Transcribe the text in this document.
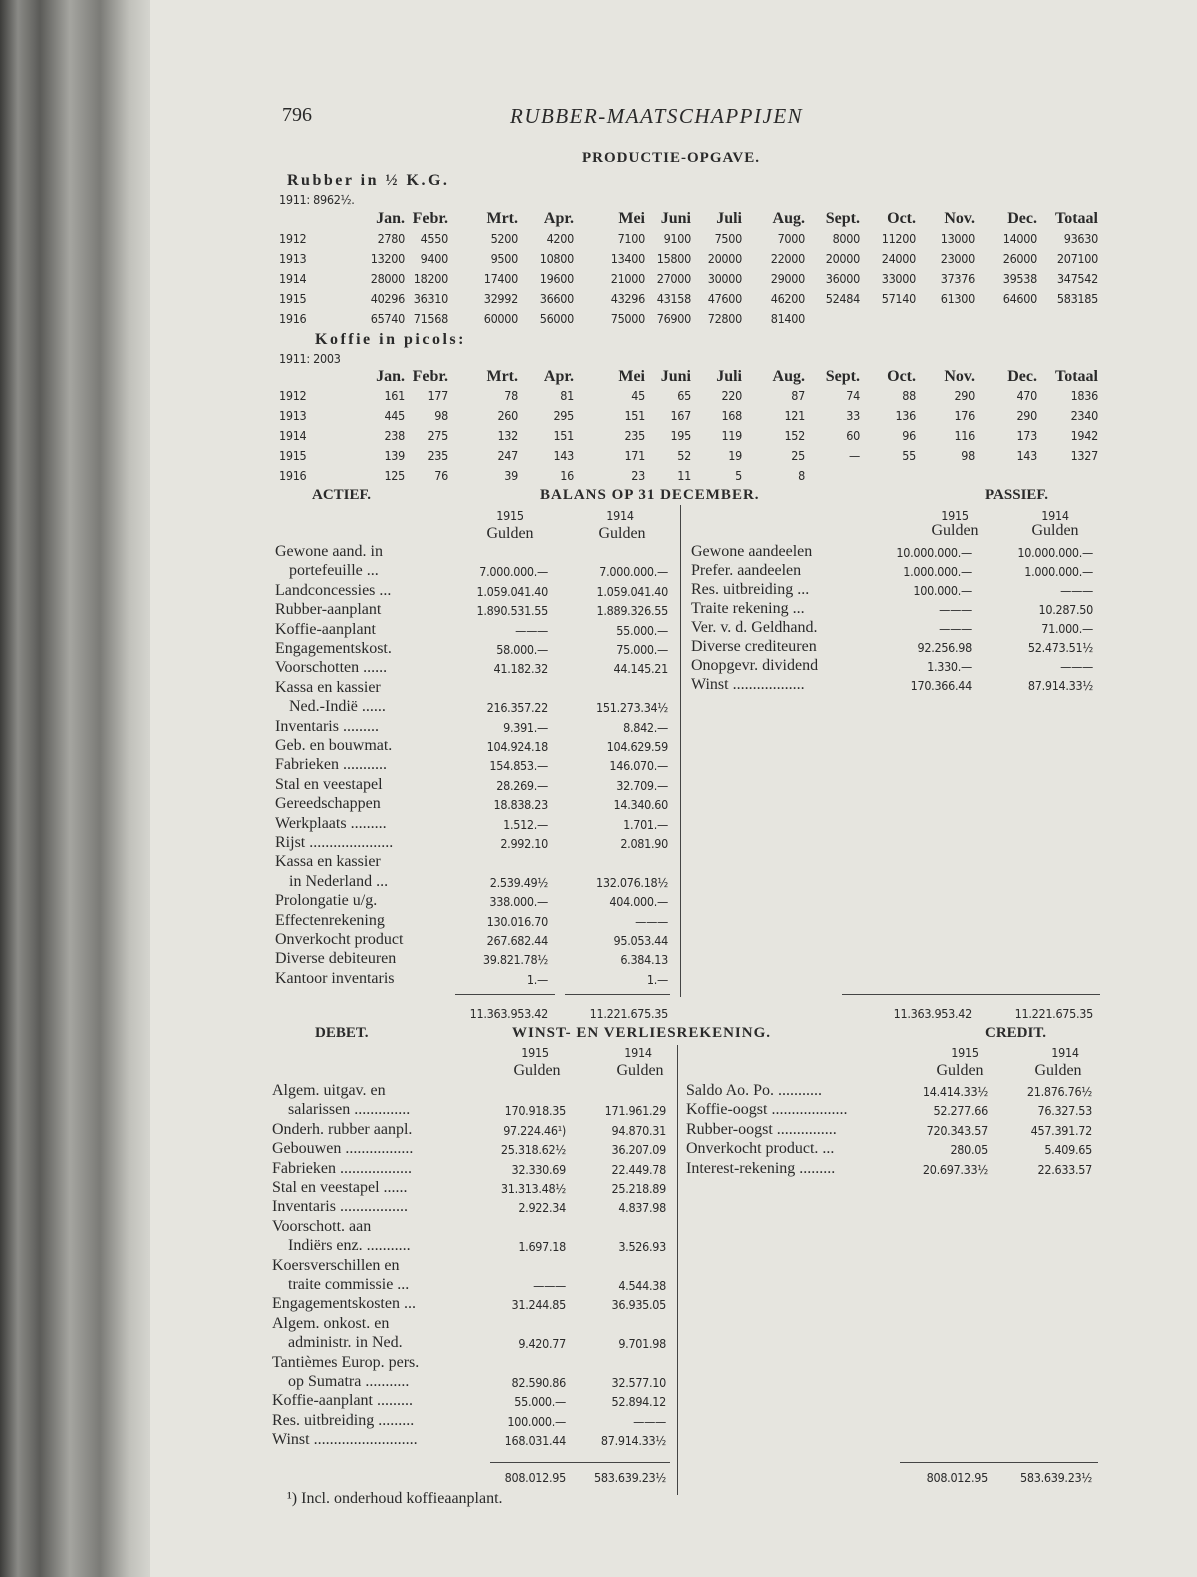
796	RUBBER-MAATSCHAPPIJEN
PRODUCTIE-OPGAVE.
Rubber in ½ K.G.
1911: 8962½.
Jan. Febr.	Mrt.	Apr.	Mei Juni	Juli	Aug.	Sept.	Oct.	Nov.	Dec.	Totaal
1912	2780	4550	5200	4200	7100	9100	7500	7000	8000	11200	13000	14000	93630
1913	13200	9400	9500	10800	13400 15800	20000	22000	20000	24000	23000	26000	207100
1914	28000 18200	17400	19600	21000 27000	30000	29000	36000	33000	37376	39538	347542
1915	40296 36310	32992	36600	43296 43158	47600	46200	52484	57140	61300	64600	583185
1916	65740 71568	60000	56000	75000 76900	72800	81400
Koffie in picols:
1911: 2003
Jan. Febr.	Mrt.	Apr.	Mei Juni	Juli	Aug.	Sept.	Oct.	Nov.	Dec.	Totaal
1912	161	177	78	81	45	65	220	87	74	88	290	470	1836
1913	445	98	260	295	151	167	168	121	33	136	176	290	2340
1914	238	275	132	151	235	195	119	152	60	96	116	173	1942
1915	139	235	247	143	171	52	19	25	—	55	98	143	1327
1916	125	76	39	16	23	11	5	8
ACTIEF.	BALANS OP 31 DECEMBER.	PASSIEF.
1915	1914
Gulden	Gulden
1915	1914
Gulden	Gulden
Gewone aand. in
portefeuille ...	7.000.000.—	7.000.000.—
Landconcessies ...	1.059.041.40	1.059.041.40
Rubber-aanplant	1.890.531.55	1.889.326.55
Koffie-aanplant	———	55.000.—
Engagementskost.	58.000.—	75.000.—
Voorschotten ......	41.182.32	44.145.21
Kassa en kassier
Ned.-Indië ......	216.357.22	151.273.34½
Inventaris .........	9.391.—	8.842.—
Geb. en bouwmat.	104.924.18	104.629.59
Fabrieken ...........	154.853.—	146.070.—
Stal en veestapel	28.269.—	32.709.—
Gereedschappen	18.838.23	14.340.60
Werkplaats .........	1.512.—	1.701.—
Rijst .....................	2.992.10	2.081.90
Kassa en kassier
in Nederland ...	2.539.49½	132.076.18½
Prolongatie u/g.	338.000.—	404.000.—
Effectenrekening	130.016.70	———
Onverkocht product	267.682.44	95.053.44
Diverse debiteuren	39.821.78½	6.384.13
Kantoor inventaris	1.—	1.—
11.363.953.42	11.221.675.35
Gewone aandeelen	10.000.000.—	10.000.000.—
Prefer. aandeelen	1.000.000.—	1.000.000.—
Res. uitbreiding ...	100.000.—	———
Traite rekening ...	———	10.287.50
Ver. v. d. Geldhand.	———	71.000.—
Diverse crediteuren	92.256.98	52.473.51½
Onopgevr. dividend	1.330.—	———
Winst ..................	170.366.44	87.914.33½
11.363.953.42	11.221.675.35
DEBET.	WINST- EN VERLIESREKENING.	CREDIT.
1915	1914
Gulden	Gulden
1915	1914
Gulden	Gulden
Algem. uitgav. en
salarissen ..............	170.918.35	171.961.29
Onderh. rubber aanpl.	97.224.46¹)	94.870.31
Gebouwen .................	25.318.62½	36.207.09
Fabrieken ..................	32.330.69	22.449.78
Stal en veestapel ......	31.313.48½	25.218.89
Inventaris .................	2.922.34	4.837.98
Voorschott. aan
Indiërs enz. ...........	1.697.18	3.526.93
Koersverschillen en
traite commissie ...	———	4.544.38
Engagementskosten ...	31.244.85	36.935.05
Algem. onkost. en
administr. in Ned.	9.420.77	9.701.98
Tantièmes Europ. pers.
op Sumatra ...........	82.590.86	32.577.10
Koffie-aanplant .........	55.000.—	52.894.12
Res. uitbreiding .........	100.000.—	———
Winst ..........................	168.031.44	87.914.33½
808.012.95	583.639.23½
Saldo Ao. Po. ...........	14.414.33½	21.876.76½
Koffie-oogst ...................	52.277.66	76.327.53
Rubber-oogst ...............	720.343.57	457.391.72
Onverkocht product. ...	280.05	5.409.65
Interest-rekening .........	20.697.33½	22.633.57
808.012.95	583.639.23½
¹) Incl. onderhoud koffieaanplant.
